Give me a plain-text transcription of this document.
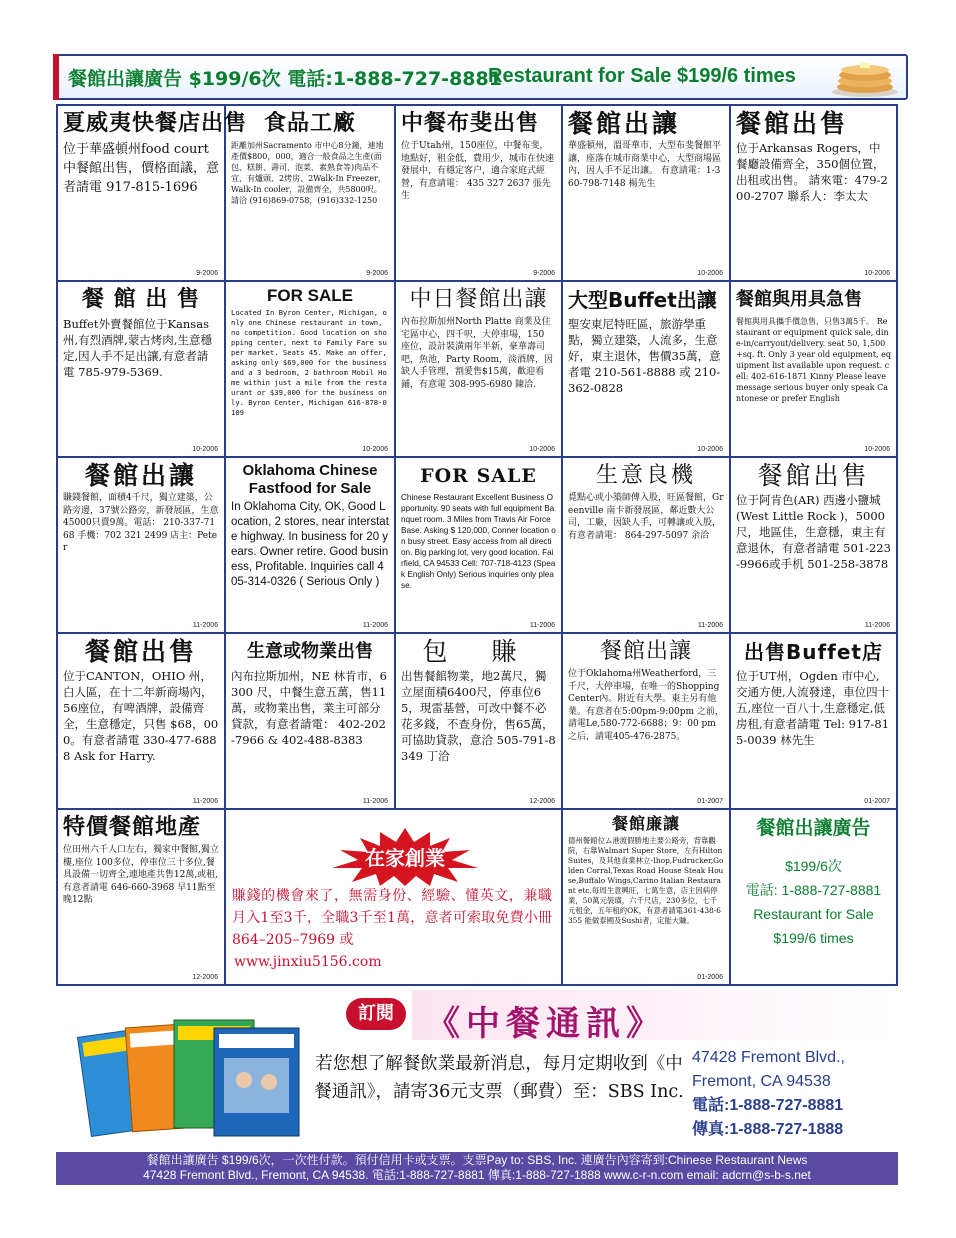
餐館出讓廣告 $199/6次 電話:1-888-727-8881
Restaurant for Sale $199/6 times
夏威夷快餐店出售
位于華盛頓州food court 中餐館出售，價格面議，意者請電 917-815-1696
9-2006
食品工廠
距離加州Sacramento 市中心8分鐘，連地產價$800，000，適合一般食品之生產(面包、糕餅、壽司、泡菜、素熟食等)肉品不宜，有爐頭、2烤房、2Walk-In Freezer，Walk-In cooler，設備齊全，共5800呎。 請洽 (916)869-0758，(916)332-1250
9-2006
中餐布斐出售
位于Utah州，150座位，中餐布斐，地點好，租金低，費用少，城市在快速發展中，有穩定客户，適合家庭式經營，有意請電： 435 327 2637 張先生
9-2006
餐館出讓
華盛頓州，溫哥華市，大型布斐餐館平讓，座落在城市商業中心，大型商場區內，因人手不足出讓。 有意請電：1-360-798-7148 楊先生
10-2006
餐館出售
位于Arkansas Rogers，中餐廳設備齊全，350個位置，出租或出售。 請來電：479-200-2707 聯系人：李太太
10-2006
餐 館 出 售
Buffet外賣餐館位于Kansas州,有烈酒牌,蒙古烤肉,生意穩定,因人手不足出讓,有意者請電 785-979-5369.
10-2006
FOR SALE
Located In Byron Center, Michigan, only one Chinese restaurant in town, no competition. Good location on shopping center, next to Family Fare super market. Seats 45. Make an offer, asking only $69,000 for the business and a 3 bedroom, 2 bathroom Mobil Home within just a mile from the restaurant or $39,000 for the business only. Byron Center, Michigan 616-878-0109
10-2006
中日餐館出讓
內布拉斯加州North Platte 商業及住宅區中心，四千呎，大停車場，150 座位，設計裝潢兩年半新，豪華壽司吧，魚池，Party Room，淡酒牌，因缺人手管理，割愛售$15萬，歡迎看鋪，有意電 308-995-6980 陳洽.
10-2006
大型Buffet出讓
聖安東尼特旺區，旅游學重點，獨立建築，人流多，生意好，東主退休，售價35萬，意者電 210-561-8888 或 210-362-0828
10-2006
餐館與用具急售
餐館與用具攜手價急售，只售3萬5千。 Restaurant or equipment quick sale, dine-in/carryout/delivery. seat 50, 1,500+sq. ft. Only 3 year old equipment, equipment list available upon request. cell: 402-616-1871 Kinny Please leave message serious buyer only speak Cantonese or prefer English
10-2006
餐館出讓
賺錢餐館，面積4千尺，獨立建築，公路旁邊，37號公路旁，新發展區，生意45000只賣9萬。電話： 210-337-7168 手機：702 321 2499 店主：Peter
11-2006
Oklahoma Chinese Fastfood for Sale
In Oklahoma City, OK, Good Location, 2 stores, near interstate highway. In business for 20 years. Owner retire. Good business, Profitable. Inquiries call 405-314-0326 ( Serious Only )
11-2006
FOR SALE
Chinese Restaurant Excellent Business Opportunity. 90 seats with full equipment Banquet room. 3 Miles from Travis Air Force Base. Asking $ 120,000, Conner location on busy street. Easy access from all direction. Big parking lot, very good location. Fairfield, CA 94533 Cell: 707-718-4123 (Speak English Only) Serious inquiries only please.
11-2006
生意良機
覓點心或小築師傅入股，旺區餐館，Greenville 南卡新發展區，鄰近數大公司，工廠，因缺人手，可轉讓或入股，有意者請電： 864-297-5097 余洽
11-2006
餐館出售
位于阿肯色(AR) 西邊小鹽城(West Little Rock )，5000 尺，地區佳，生意穩，東主有意退休，有意者請電 501-223-9966或手机 501-258-3878
11-2006
餐館出售
位于CANTON，OHIO 州，白人區，在十二年新商場內，56座位，有啤酒牌，設備齊全，生意穩定，只售 $68，000。有意者請電 330-477-6888 Ask for Harry.
11-2006
生意或物業出售
內布拉斯加州，NE 林肯市，6300 尺，中餐生意五萬，售11萬，或物業出售，業主可部分貸款，有意者請電： 402-202-7966 & 402-488-8383
11-2006
包 賺
出售餐館物業，地2萬尺，獨立屋面積6400尺，停車位65，現雷基營，可改中餐不必花多錢，不查身份，售65萬，可協助貸款，意洽 505-791-8349 丁洽
12-2006
餐館出讓
位于Oklahoma州Weatherford，三千尺，大停車場，在唯一的Shopping Center內。附近有大學。東主另有他業。有意者在5:00pm-9:00pm 之前，請電Le,580-772-6688；9：00 pm之后，請電405-476-2875。
01-2007
出售Buffet店
位于UT州，Ogden 市中心,交通方便,人流發達，車位四十五,座位一百八十,生意穩定,低房租,有意者請電 Tel: 917-815-0039 林先生
01-2007
特價餐館地產
位田州六千人口左右，獨家中餐館,獨立樓,座位 100多位，停車位三十多位,餐具設備一切齊全,連地產共售12萬,或租,有意者請電 646-660-3968 早11點至晚12點
12-2006
餐館廉讓
德州餐館位ム港渡假勝地主要公路旁，背靠觀院，右靠Walmart Super Store，左有Hilton Suites，及其他食業林立-Ihop,Fudrucker,Golden Corral,Texas Road House Steak House,Buffalo Wings,Carino Italian Restaurant etc.每周生意興旺，七萬生意，店主因病停業，50萬元裝璜，六千尺店，230多位，七千元租金，五年租約OK，有意者請電361-438-6355 能做泰國及Sushi者，定能大賺。
01-2006
餐館出讓廣告
$199/6次
電話: 1-888-727-8881
Restaurant for Sale
$199/6 times
在家創業
賺錢的機會來了，無需身份、經驗、懂英文，兼職月入1至3千，全職3千至1萬，意者可索取免費小冊864–205–7969 或
www.jinxiu5156.com
訂閱 《中餐通訊》
若您想了解餐飲業最新消息，每月定期收到《中餐通訊》，請寄36元支票（郵費）至：SBS Inc.
47428 Fremont Blvd.,
Fremont, CA 94538
電話:1-888-727-8881
傳真:1-888-727-1888
餐館出讓廣告 $199/6次，一次性付款。預付信用卡或支票。支票Pay to: SBS, Inc. 連廣告內容寄到:Chinese Restaurant News
47428 Fremont Blvd., Fremont, CA 94538. 電話:1-888-727-8881 傳真:1-888-727-1888 www.c-r-n.com email: adcrn@s-b-s.net
